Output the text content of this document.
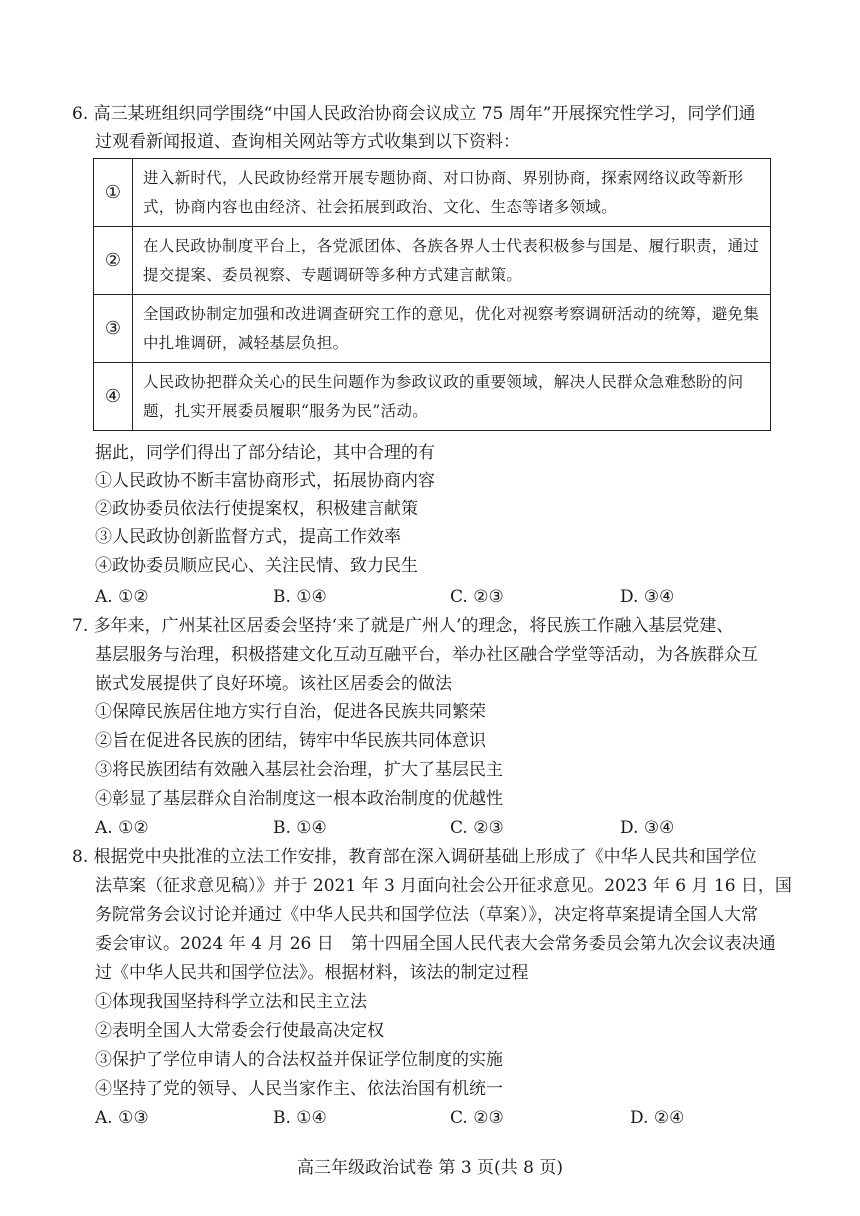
6. 高三某班组织同学围绕“中国人民政治协商会议成立 75 周年”开展探究性学习，同学们通
过观看新闻报道、查询相关网站等方式收集到以下资料：
①	进入新时代，人民政协经常开展专题协商、对口协商、界别协商，探索网络议政等新形式，协商内容也由经济、社会拓展到政治、文化、生态等诸多领域。
②	在人民政协制度平台上，各党派团体、各族各界人士代表积极参与国是、履行职责，通过提交提案、委员视察、专题调研等多种方式建言献策。
③	全国政协制定加强和改进调查研究工作的意见，优化对视察考察调研活动的统筹，避免集中扎堆调研，减轻基层负担。
④	人民政协把群众关心的民生问题作为参政议政的重要领域，解决人民群众急难愁盼的问题，扎实开展委员履职“服务为民”活动。
据此，同学们得出了部分结论，其中合理的有
①人民政协不断丰富协商形式，拓展协商内容
②政协委员依法行使提案权，积极建言献策
③人民政协创新监督方式，提高工作效率
④政协委员顺应民心、关注民情、致力民生
A. ①②	B. ①④	C. ②③	D. ③④
7. 多年来，广州某社区居委会坚持‘来了就是广州人’的理念，将民族工作融入基层党建、
基层服务与治理，积极搭建文化互动互融平台，举办社区融合学堂等活动，为各族群众互
嵌式发展提供了良好环境。该社区居委会的做法
①保障民族居住地方实行自治，促进各民族共同繁荣
②旨在促进各民族的团结，铸牢中华民族共同体意识
③将民族团结有效融入基层社会治理，扩大了基层民主
④彰显了基层群众自治制度这一根本政治制度的优越性
A. ①②	B. ①④	C. ②③	D. ③④
8. 根据党中央批准的立法工作安排，教育部在深入调研基础上形成了《中华人民共和国学位
法草案（征求意见稿）》并于 2021 年 3 月面向社会公开征求意见。2023 年 6 月 16 日，国
务院常务会议讨论并通过《中华人民共和国学位法（草案）》，决定将草案提请全国人大常
委会审议。2024 年 4 月 26 日　第十四届全国人民代表大会常务委员会第九次会议表决通
过《中华人民共和国学位法》。根据材料，该法的制定过程
①体现我国坚持科学立法和民主立法
②表明全国人大常委会行使最高决定权
③保护了学位申请人的合法权益并保证学位制度的实施
④坚持了党的领导、人民当家作主、依法治国有机统一
A. ①③	B. ①④	C. ②③	D. ②④
高三年级政治试卷 第 3 页(共 8 页)
